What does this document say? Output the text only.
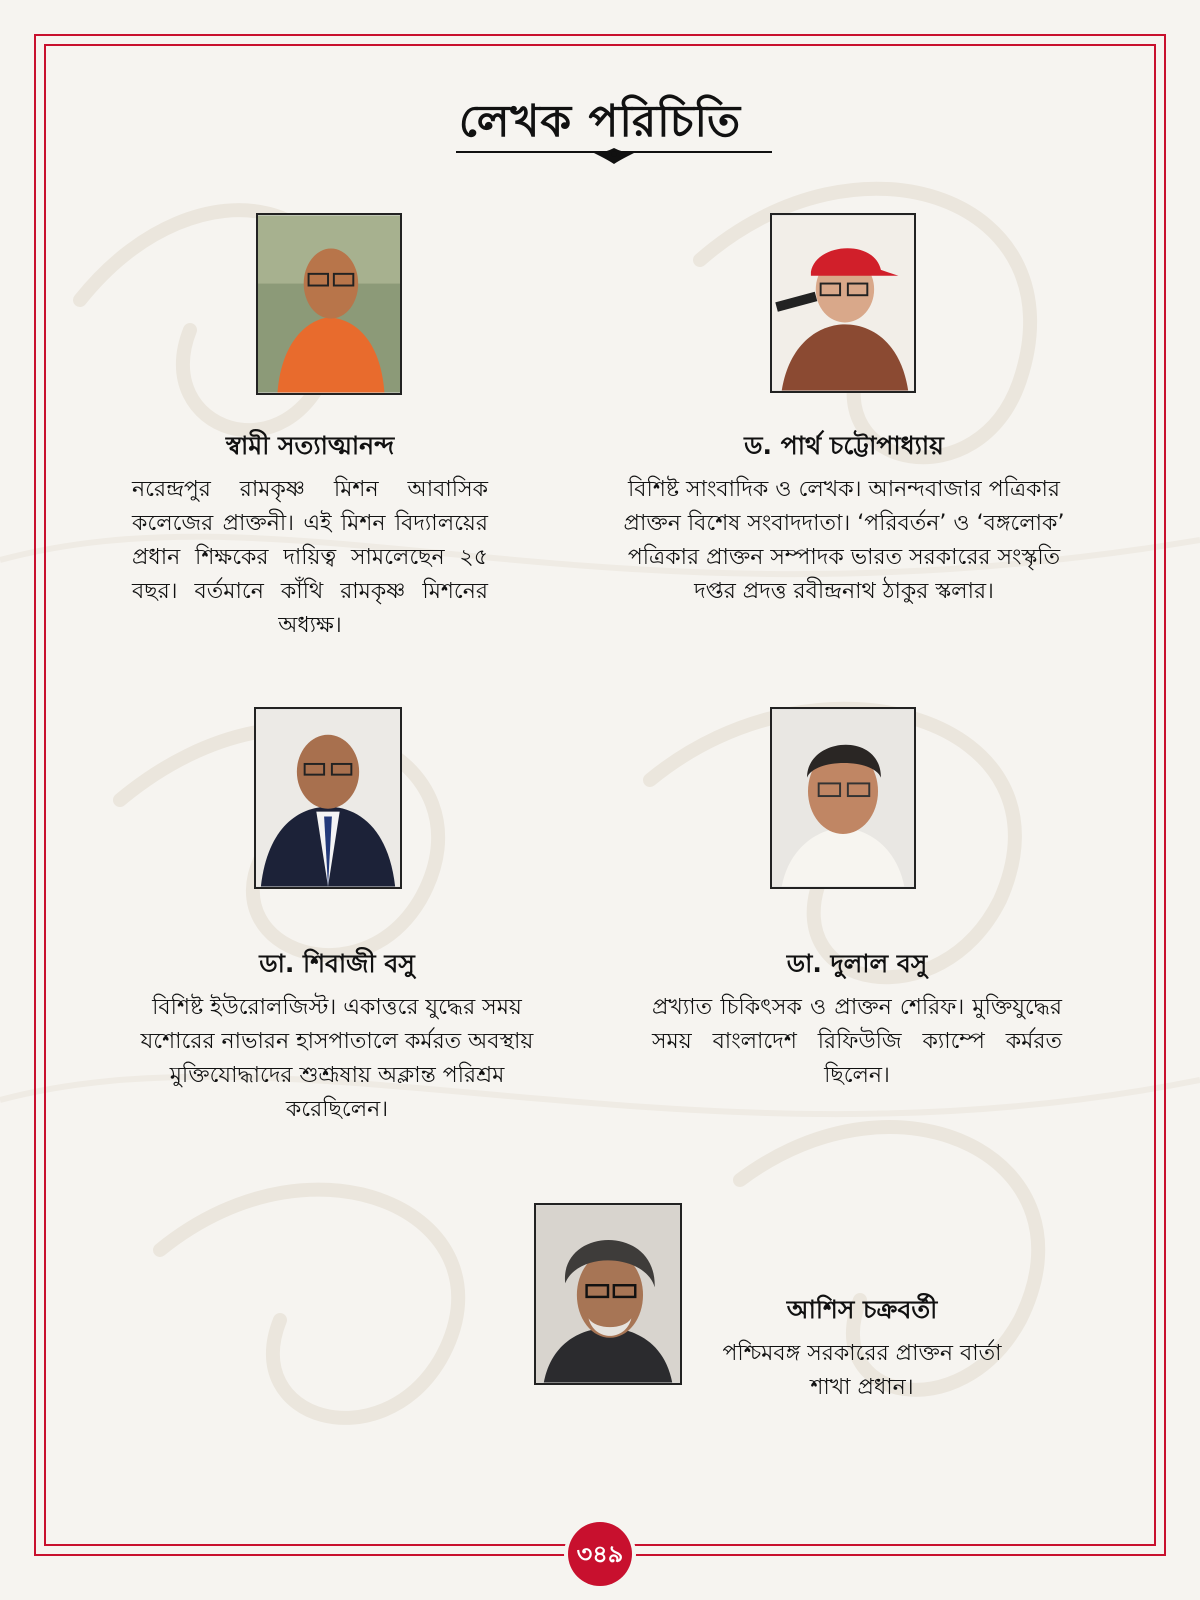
লেখক পরিচিতি
স্বামী সত্যাত্মানন্দ
নরেন্দ্রপুর রামকৃষ্ণ মিশন আবাসিক কলেজের প্রাক্তনী। এই মিশন বিদ্যালয়ের প্রধান শিক্ষকের দায়িত্ব সামলেছেন ২৫ বছর। বর্তমানে কাঁথি রামকৃষ্ণ মিশনের অধ্যক্ষ।
ড. পার্থ চট্টোপাধ্যায়
বিশিষ্ট সাংবাদিক ও লেখক। আনন্দবাজার পত্রিকার প্রাক্তন বিশেষ সংবাদদাতা। ‘পরিবর্তন’ ও ‘বঙ্গলোক’ পত্রিকার প্রাক্তন সম্পাদক ভারত সরকারের সংস্কৃতি দপ্তর প্রদত্ত রবীন্দ্রনাথ ঠাকুর স্কলার।
ডা. শিবাজী বসু
বিশিষ্ট ইউরোলজিস্ট। একাত্তরে যুদ্ধের সময় যশোরের নাভারন হাসপাতালে কর্মরত অবস্থায় মুক্তিযোদ্ধাদের শুশ্রূষায় অক্লান্ত পরিশ্রম করেছিলেন।
ডা. দুলাল বসু
প্রখ্যাত চিকিৎসক ও প্রাক্তন শেরিফ। মুক্তিযুদ্ধের সময় বাংলাদেশ রিফিউজি ক্যাম্পে কর্মরত ছিলেন।
আশিস চক্রবর্তী
পশ্চিমবঙ্গ সরকারের প্রাক্তন বার্তা শাখা প্রধান।
৩৪৯
